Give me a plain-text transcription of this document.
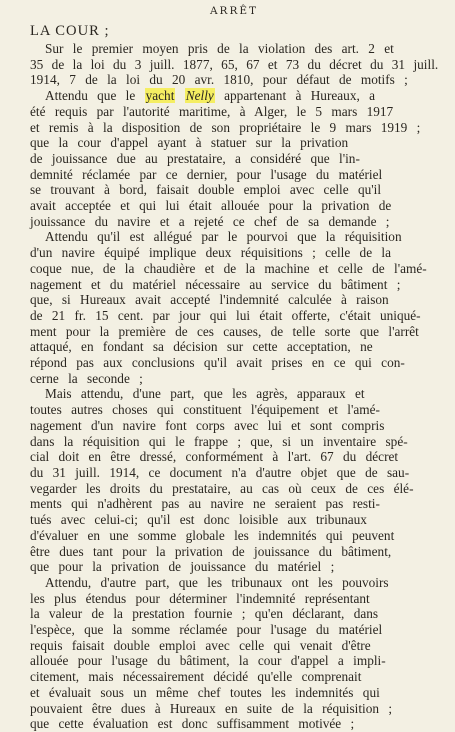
ARRÊT
LA COUR ;

Sur le premier moyen pris de la violation des art. 2 et
35 de la loi du 3 juill. 1877, 65, 67 et 73 du décret du 31 juill.
1914, 7 de la loi du 20 avr. 1810, pour défaut de motifs ;

Attendu que le yacht Nelly appartenant à Hureaux, a
été requis par l'autorité maritime, à Alger, le 5 mars 1917
et remis à la disposition de son propriétaire le 9 mars 1919 ;
que la cour d'appel ayant à statuer sur la privation
de jouissance due au prestataire, a considéré que l'in-
demnité réclamée par ce dernier, pour l'usage du matériel
se trouvant à bord, faisait double emploi avec celle qu'il
avait acceptée et qui lui était allouée pour la privation de
jouissance du navire et a rejeté ce chef de sa demande ;

Attendu qu'il est allégué par le pourvoi que la réquisition
d'un navire équipé implique deux réquisitions ; celle de la
coque nue, de la chaudière et de la machine et celle de l'amé-
nagement et du matériel nécessaire au service du bâtiment ;
que, si Hureaux avait accepté l'indemnité calculée à raison
de 21 fr. 15 cent. par jour qui lui était offerte, c'était uniqué-
ment pour la première de ces causes, de telle sorte que l'arrêt
attaqué, en fondant sa décision sur cette acceptation, ne
répond pas aux conclusions qu'il avait prises en ce qui con-
cerne la seconde ;

Mais attendu, d'une part, que les agrès, apparaux et
toutes autres choses qui constituent l'équipement et l'amé-
nagement d'un navire font corps avec lui et sont compris
dans la réquisition qui le frappe ; que, si un inventaire spé-
cial doit en être dressé, conformément à l'art. 67 du décret
du 31 juill. 1914, ce document n'a d'autre objet que de sau-
vegarder les droits du prestataire, au cas où ceux de ces élé-
ments qui n'adhèrent pas au navire ne seraient pas resti-
tués avec celui-ci; qu'il est donc loisible aux tribunaux
d'évaluer en une somme globale les indemnités qui peuvent
être dues tant pour la privation de jouissance du bâtiment,
que pour la privation de jouissance du matériel ;

Attendu, d'autre part, que les tribunaux ont les pouvoirs
les plus étendus pour déterminer l'indemnité représentant
la valeur de la prestation fournie ; qu'en déclarant, dans
l'espèce, que la somme réclamée pour l'usage du matériel
requis faisait double emploi avec celle qui venait d'être
allouée pour l'usage du bâtiment, la cour d'appel a impli-
citement, mais nécessairement décidé qu'elle comprenait
et évaluait sous un même chef toutes les indemnités qui
pouvaient être dues à Hureaux en suite de la réquisition ;
que cette évaluation est donc suffisamment motivée ;
